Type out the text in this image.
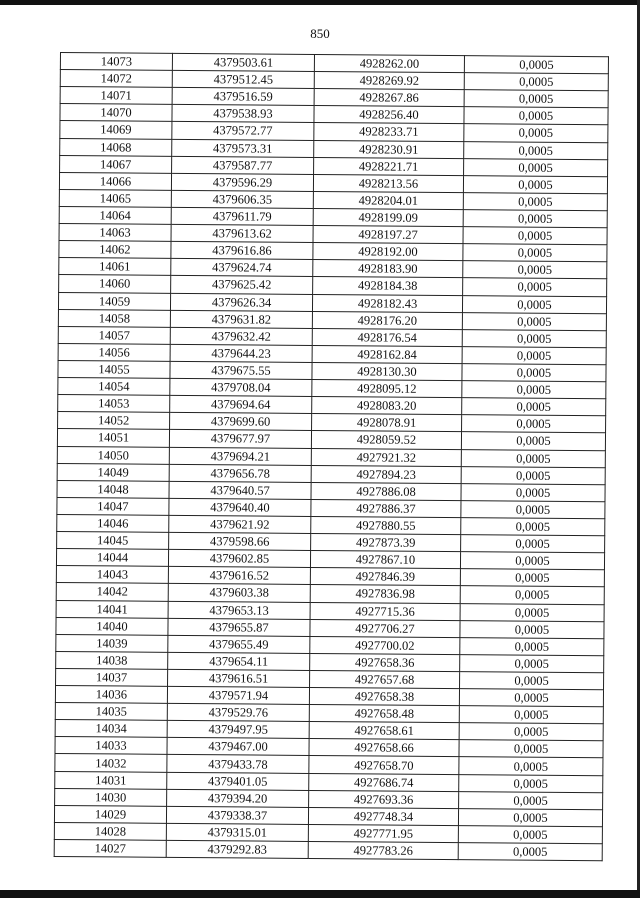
850
14073	4379503.61	4928262.00	0,0005
14072	4379512.45	4928269.92	0,0005
14071	4379516.59	4928267.86	0,0005
14070	4379538.93	4928256.40	0,0005
14069	4379572.77	4928233.71	0,0005
14068	4379573.31	4928230.91	0,0005
14067	4379587.77	4928221.71	0,0005
14066	4379596.29	4928213.56	0,0005
14065	4379606.35	4928204.01	0,0005
14064	4379611.79	4928199.09	0,0005
14063	4379613.62	4928197.27	0,0005
14062	4379616.86	4928192.00	0,0005
14061	4379624.74	4928183.90	0,0005
14060	4379625.42	4928184.38	0,0005
14059	4379626.34	4928182.43	0,0005
14058	4379631.82	4928176.20	0,0005
14057	4379632.42	4928176.54	0,0005
14056	4379644.23	4928162.84	0,0005
14055	4379675.55	4928130.30	0,0005
14054	4379708.04	4928095.12	0,0005
14053	4379694.64	4928083.20	0,0005
14052	4379699.60	4928078.91	0,0005
14051	4379677.97	4928059.52	0,0005
14050	4379694.21	4927921.32	0,0005
14049	4379656.78	4927894.23	0,0005
14048	4379640.57	4927886.08	0,0005
14047	4379640.40	4927886.37	0,0005
14046	4379621.92	4927880.55	0,0005
14045	4379598.66	4927873.39	0,0005
14044	4379602.85	4927867.10	0,0005
14043	4379616.52	4927846.39	0,0005
14042	4379603.38	4927836.98	0,0005
14041	4379653.13	4927715.36	0,0005
14040	4379655.87	4927706.27	0,0005
14039	4379655.49	4927700.02	0,0005
14038	4379654.11	4927658.36	0,0005
14037	4379616.51	4927657.68	0,0005
14036	4379571.94	4927658.38	0,0005
14035	4379529.76	4927658.48	0,0005
14034	4379497.95	4927658.61	0,0005
14033	4379467.00	4927658.66	0,0005
14032	4379433.78	4927658.70	0,0005
14031	4379401.05	4927686.74	0,0005
14030	4379394.20	4927693.36	0,0005
14029	4379338.37	4927748.34	0,0005
14028	4379315.01	4927771.95	0,0005
14027	4379292.83	4927783.26	0,0005
